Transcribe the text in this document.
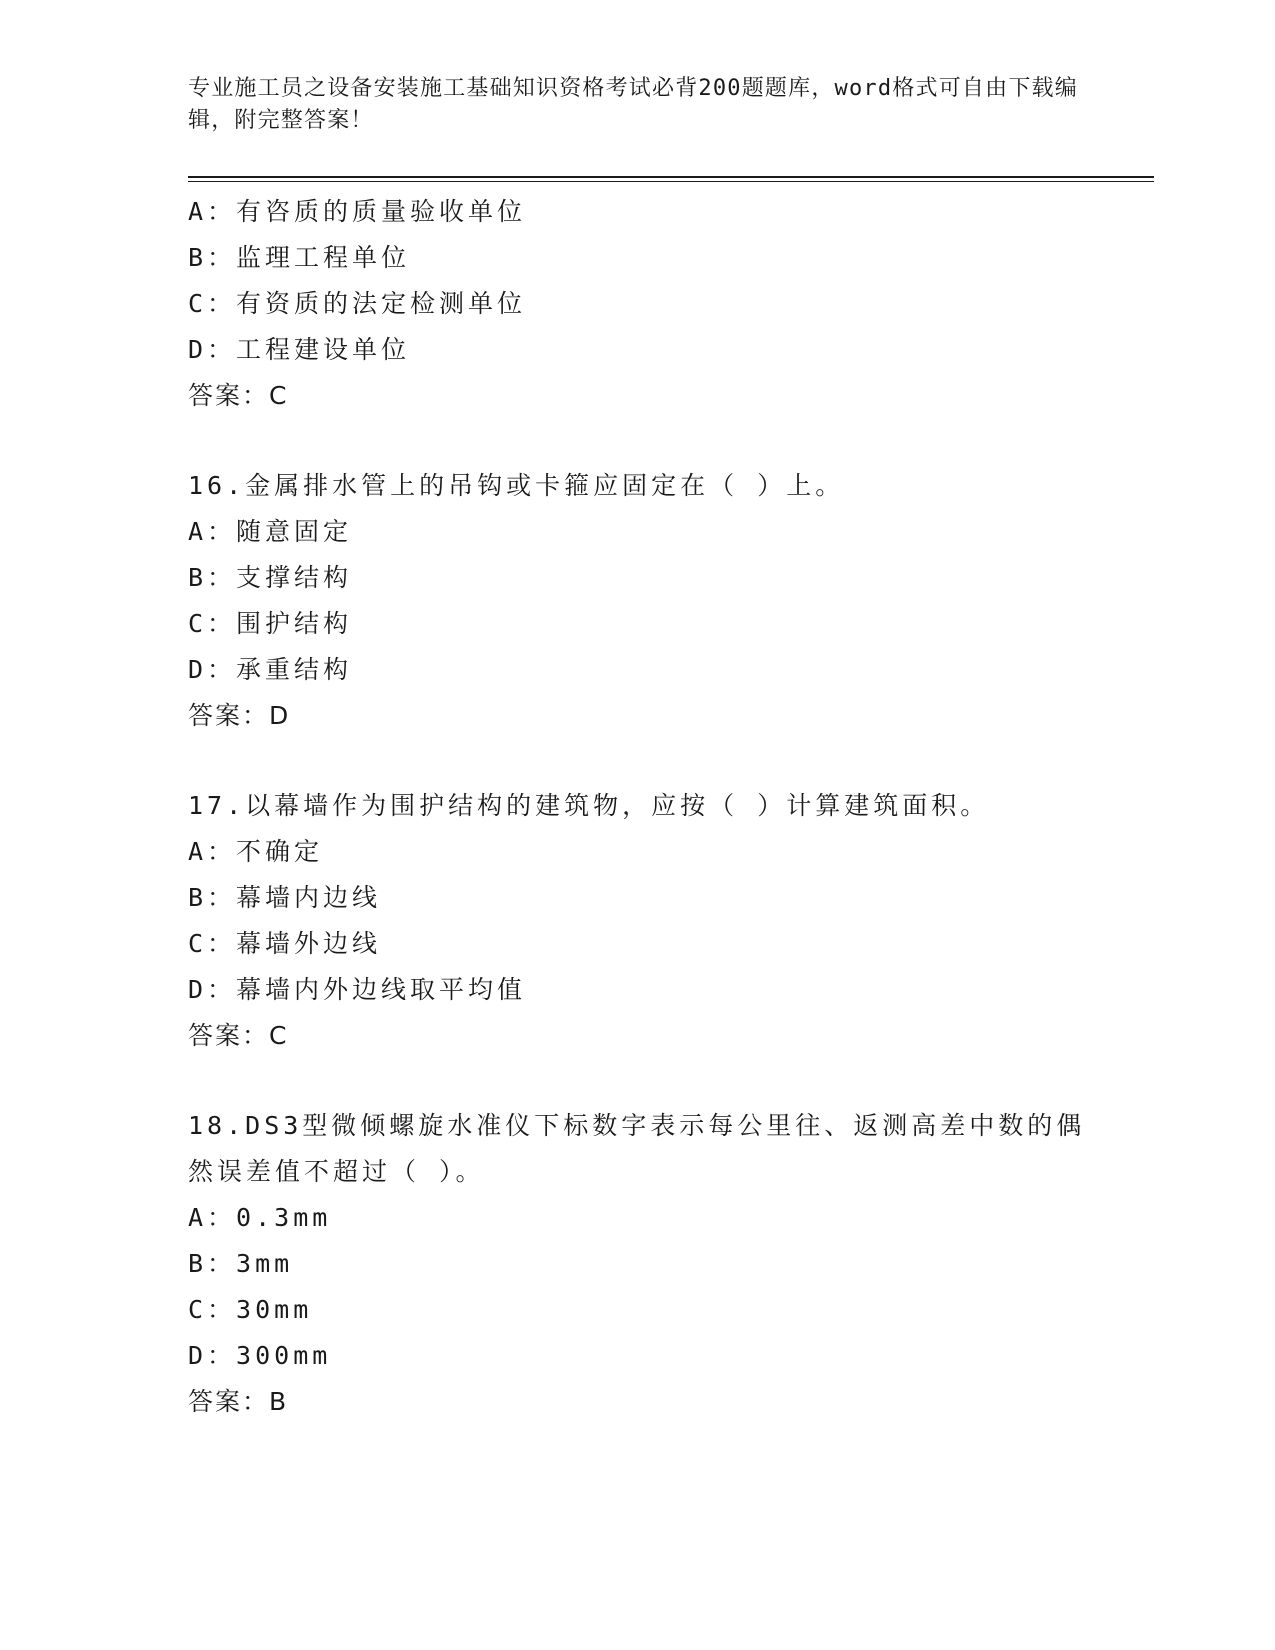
专业施工员之设备安装施工基础知识资格考试必背200题题库，word格式可自由下载编辑，附完整答案！
A：有咨质的质量验收单位
B：监理工程单位
C：有资质的法定检测单位
D：工程建设单位
答案：C
16.金属排水管上的吊钩或卡箍应固定在（ ）上。
A：随意固定
B：支撑结构
C：围护结构
D：承重结构
答案：D
17.以幕墙作为围护结构的建筑物，应按（ ）计算建筑面积。
A：不确定
B：幕墙内边线
C：幕墙外边线
D：幕墙内外边线取平均值
答案：C
18.DS3型微倾螺旋水准仪下标数字表示每公里往、返测高差中数的偶然误差值不超过（ ）。
A：0.3mm
B：3mm
C：30mm
D：300mm
答案：B
